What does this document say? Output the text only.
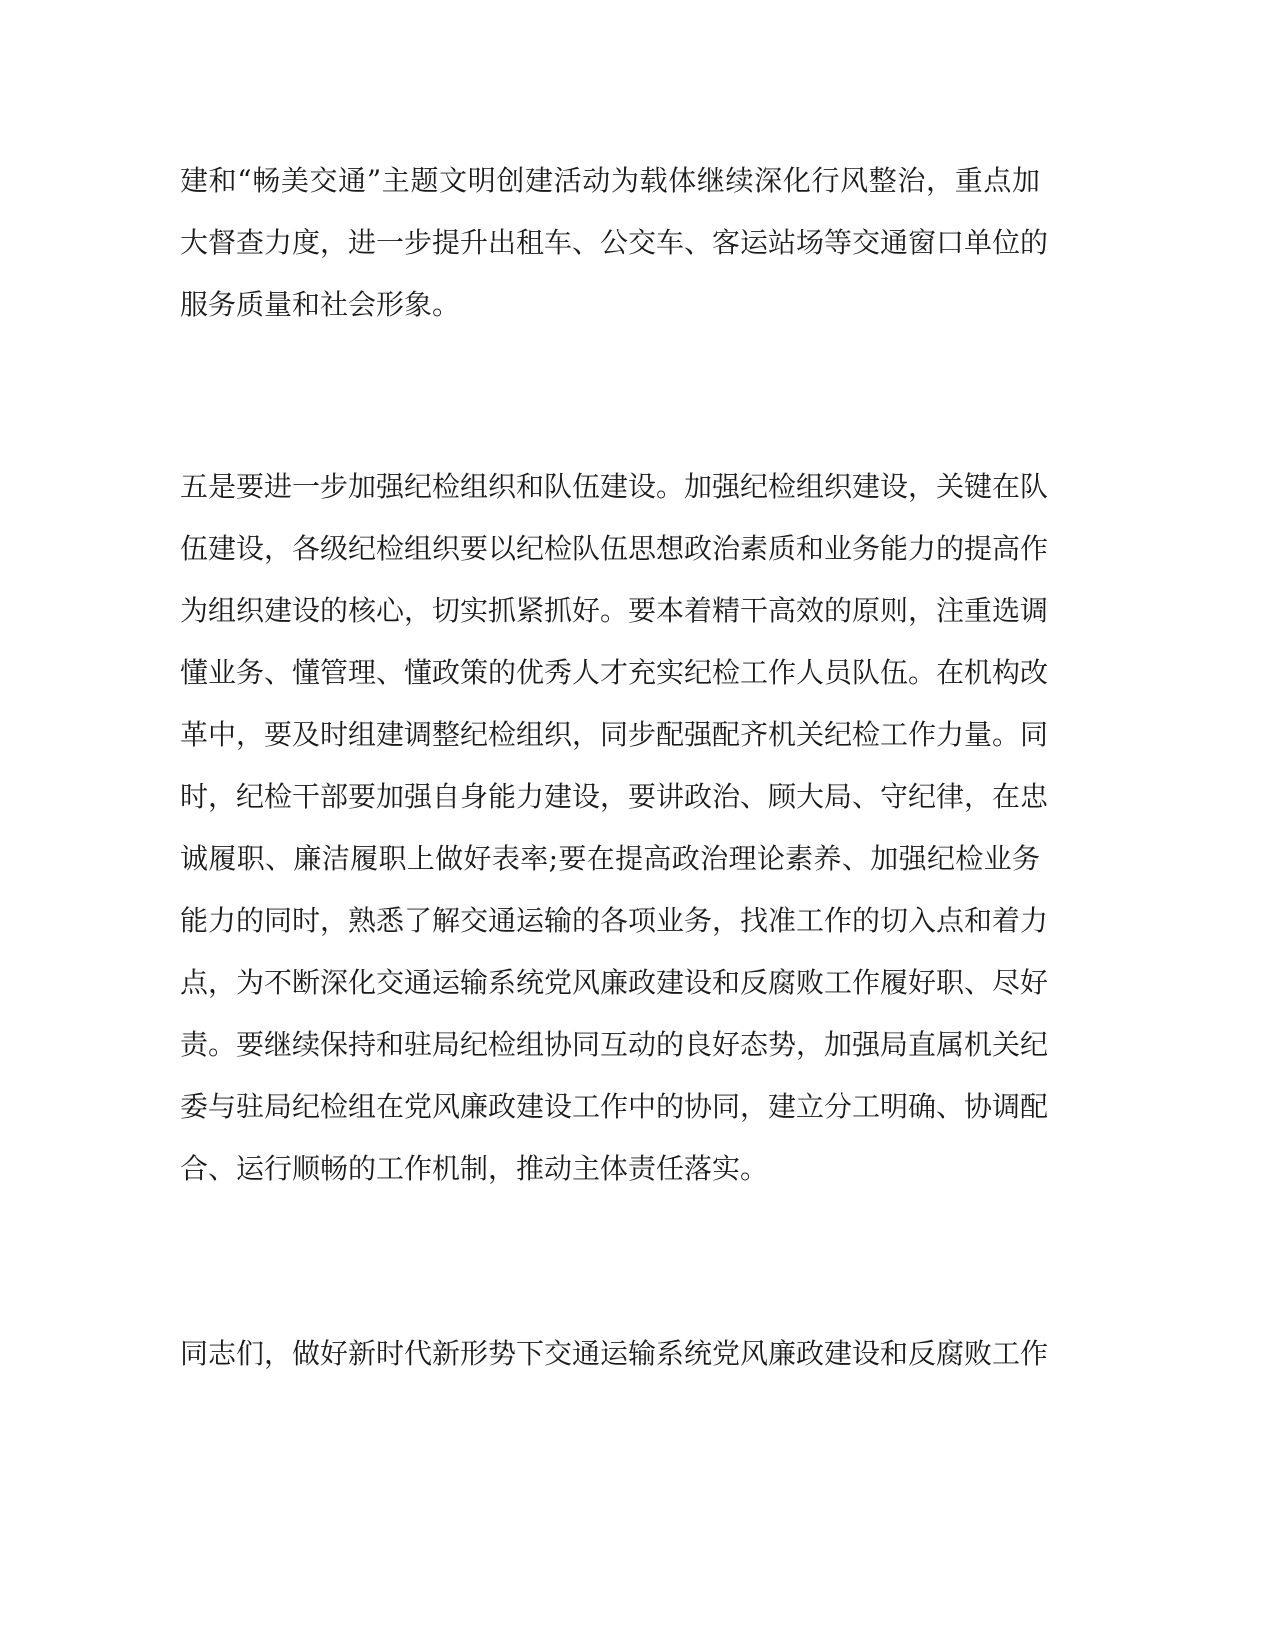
建和“畅美交通”主题文明创建活动为载体继续深化行风整治，重点加
大督查力度，进一步提升出租车、公交车、客运站场等交通窗口单位的
服务质量和社会形象。
五是要进一步加强纪检组织和队伍建设。加强纪检组织建设，关键在队
伍建设，各级纪检组织要以纪检队伍思想政治素质和业务能力的提高作
为组织建设的核心，切实抓紧抓好。要本着精干高效的原则，注重选调
懂业务、懂管理、懂政策的优秀人才充实纪检工作人员队伍。在机构改
革中，要及时组建调整纪检组织，同步配强配齐机关纪检工作力量。同
时，纪检干部要加强自身能力建设，要讲政治、顾大局、守纪律，在忠
诚履职、廉洁履职上做好表率;要在提高政治理论素养、加强纪检业务
能力的同时，熟悉了解交通运输的各项业务，找准工作的切入点和着力
点，为不断深化交通运输系统党风廉政建设和反腐败工作履好职、尽好
责。要继续保持和驻局纪检组协同互动的良好态势，加强局直属机关纪
委与驻局纪检组在党风廉政建设工作中的协同，建立分工明确、协调配
合、运行顺畅的工作机制，推动主体责任落实。
同志们，做好新时代新形势下交通运输系统党风廉政建设和反腐败工作
